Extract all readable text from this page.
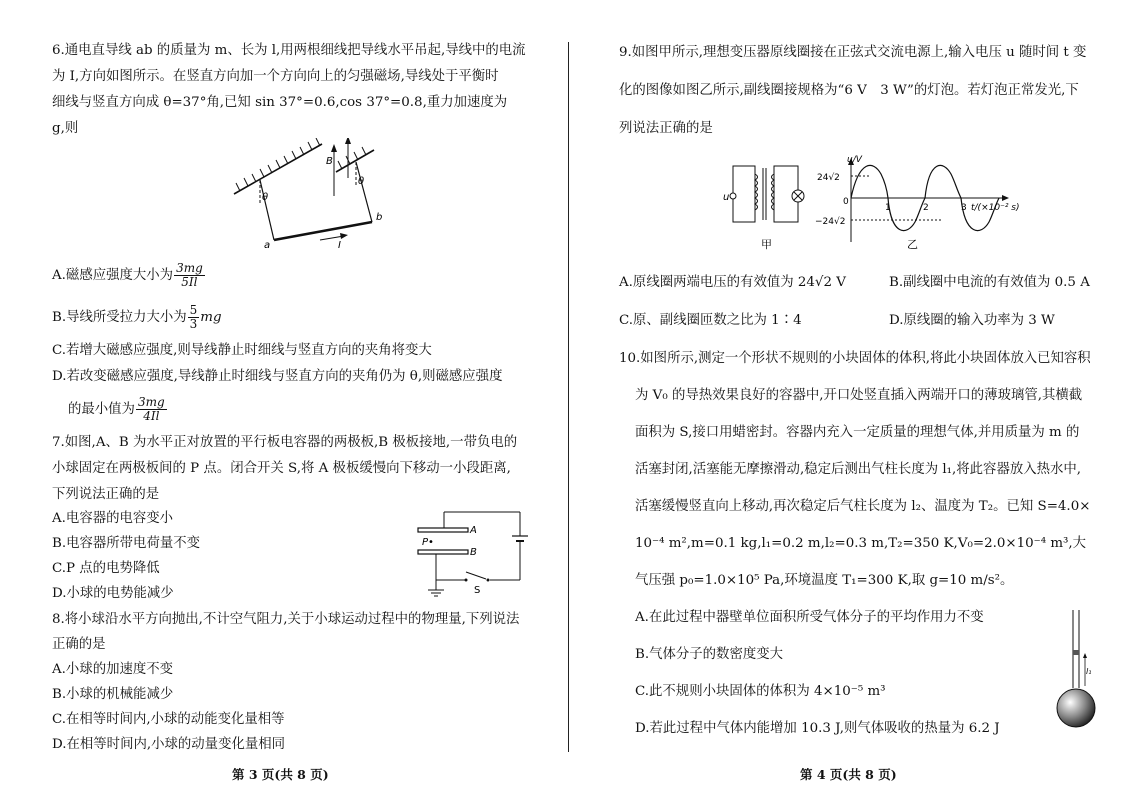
6.通电直导线 ab 的质量为 m、长为 l,用两根细线把导线水平吊起,导线中的电流
为 I,方向如图所示。在竖直方向加一个方向向上的匀强磁场,导线处于平衡时
细线与竖直方向成 θ=37°角,已知 sin 37°=0.6,cos 37°=0.8,重力加速度为
g,则
B
θ
θ
a
b
I
A.磁感应强度大小为 $\frac{3mg}{5Il}$
B.导线所受拉力大小为 $\frac{5}{3}$ mg
C.若增大磁感应强度,则导线静止时细线与竖直方向的夹角将变大
D.若改变磁感应强度,导线静止时细线与竖直方向的夹角仍为 θ,则磁感应强度
的最小值为 $\frac{3mg}{4Il}$
7.如图,A、B 为水平正对放置的平行板电容器的两极板,B 极板接地,一带负电的
小球固定在两极板间的 P 点。闭合开关 S,将 A 极板缓慢向下移动一小段距离,
下列说法正确的是
A.电容器的电容变小
B.电容器所带电荷量不变
C.P 点的电势降低
D.小球的电势能减少
A
B
P•
S
8.将小球沿水平方向抛出,不计空气阻力,关于小球运动过程中的物理量,下列说法
正确的是
A.小球的加速度不变
B.小球的机械能减少
C.在相等时间内,小球的动能变化量相等
D.在相等时间内,小球的动量变化量相同
第 3 页(共 8 页)
9.如图甲所示,理想变压器原线圈接在正弦式交流电源上,输入电压 u 随时间 t 变
化的图像如图乙所示,副线圈接规格为“6 V　3 W”的灯泡。若灯泡正常发光,下
列说法正确的是
u
甲
u/V
24√2
−24√2
0
1	2	3 t/(×10⁻² s)
乙
A.原线圈两端电压的有效值为 24√2 V	B.副线圈中电流的有效值为 0.5 A
C.原、副线圈匝数之比为 1∶4	D.原线圈的输入功率为 3 W
10.如图所示,测定一个形状不规则的小块固体的体积,将此小块固体放入已知容积
为 V₀ 的导热效果良好的容器中,开口处竖直插入两端开口的薄玻璃管,其横截
面积为 S,接口用蜡密封。容器内充入一定质量的理想气体,并用质量为 m 的
活塞封闭,活塞能无摩擦滑动,稳定后测出气柱长度为 l₁,将此容器放入热水中,
活塞缓慢竖直向上移动,再次稳定后气柱长度为 l₂、温度为 T₂。已知 S=4.0×
10⁻⁴ m²,m=0.1 kg,l₁=0.2 m,l₂=0.3 m,T₂=350 K,V₀=2.0×10⁻⁴ m³,大
气压强 p₀=1.0×10⁵ Pa,环境温度 T₁=300 K,取 g=10 m/s²。
A.在此过程中器壁单位面积所受气体分子的平均作用力不变
B.气体分子的数密度变大
C.此不规则小块固体的体积为 4×10⁻⁵ m³
D.若此过程中气体内能增加 10.3 J,则气体吸收的热量为 6.2 J
l₁
第 4 页(共 8 页)
